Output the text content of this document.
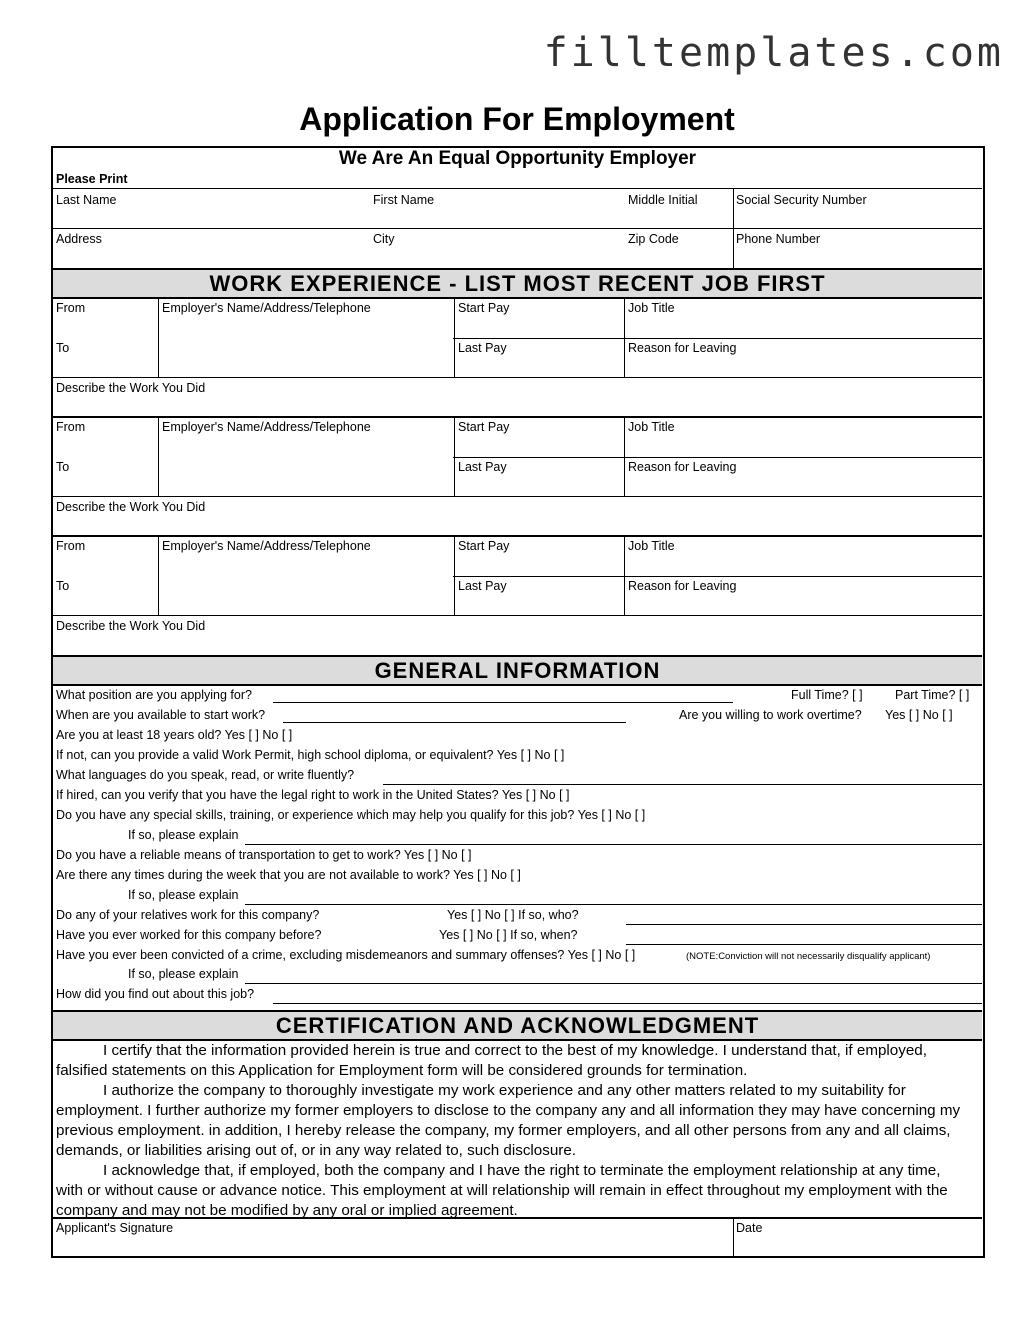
filltemplates.com
Application For Employment
We Are An Equal Opportunity Employer
Please Print
Last Name	First Name	Middle Initial	Social Security Number
Address	City	Zip Code	Phone Number
WORK EXPERIENCE - LIST MOST RECENT JOB FIRST
From	Employer's Name/Address/Telephone	Start Pay	Job Title
To	Last Pay	Reason for Leaving
Describe the Work You Did
From	Employer's Name/Address/Telephone	Start Pay	Job Title
To	Last Pay	Reason for Leaving
Describe the Work You Did
From	Employer's Name/Address/Telephone	Start Pay	Job Title
To	Last Pay	Reason for Leaving
Describe the Work You Did
GENERAL INFORMATION
What position are you applying for?	Full Time? [ ]	Part Time? [ ]
When are you available to start work?	Are you willing to work overtime? Yes [ ] No [ ]
Are you at least 18 years old? Yes [ ] No [ ]
If not, can you provide a valid Work Permit, high school diploma, or equivalent? Yes [ ] No [ ]
What languages do you speak, read, or write fluently?
If hired, can you verify that you have the legal right to work in the United States? Yes [ ] No [ ]
Do you have any special skills, training, or experience which may help you qualify for this job? Yes [ ] No [ ]
If so, please explain
Do you have a reliable means of transportation to get to work? Yes [ ] No [ ]
Are there any times during the week that you are not available to work? Yes [ ] No [ ]
If so, please explain
Do any of your relatives work for this company?	Yes [ ] No [ ] If so, who?
Have you ever worked for this company before?	Yes [ ] No [ ] If so, when?
Have you ever been convicted of a crime, excluding misdemeanors and summary offenses? Yes [ ] No [ ]	(NOTE:Conviction will not necessarily disqualify applicant)
If so, please explain
How did you find out about this job?
CERTIFICATION AND ACKNOWLEDGMENT

I certify that the information provided herein is true and correct to the best of my knowledge. I understand that, if employed, falsified statements on this Application for Employment form will be considered grounds for termination.

I authorize the company to thoroughly investigate my work experience and any other matters related to my suitability for employment. I further authorize my former employers to disclose to the company any and all information they may have concerning my previous employment. in addition, I hereby release the company, my former employers, and all other persons from any and all claims, demands, or liabilities arising out of, or in any way related to, such disclosure.

I acknowledge that, if employed, both the company and I have the right to terminate the employment relationship at any time, with or without cause or advance notice. This employment at will relationship will remain in effect throughout my employment with the company and may not be modified by any oral or implied agreement.

Applicant's Signature	Date
